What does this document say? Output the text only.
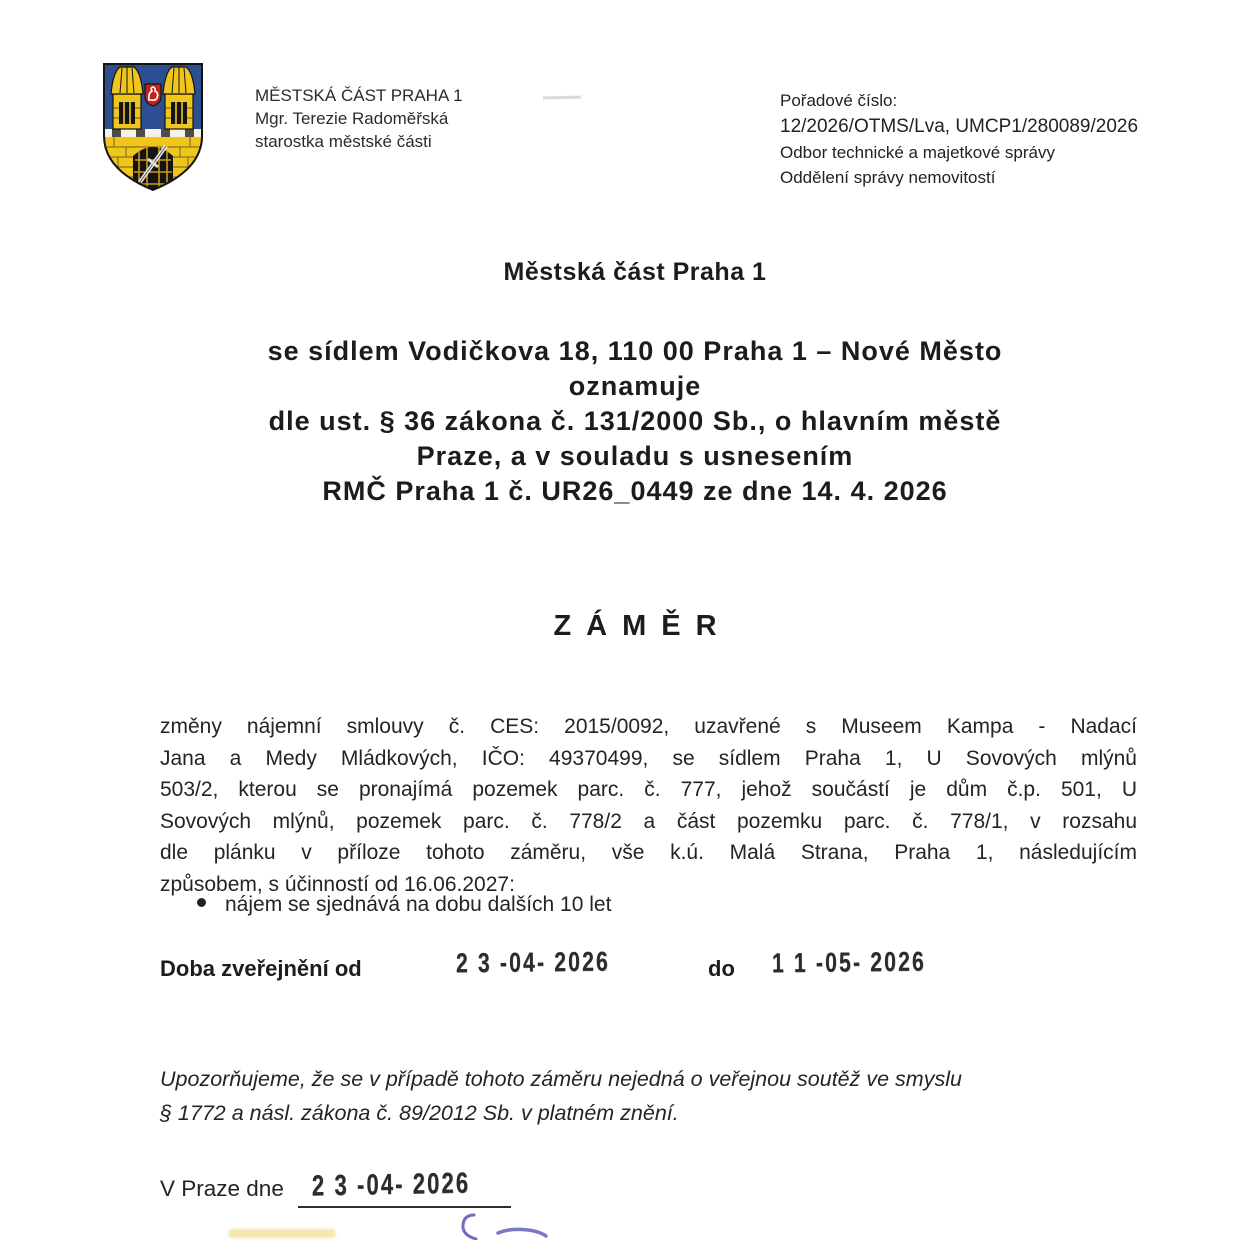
MĚSTSKÁ ČÁST PRAHA 1
Mgr. Terezie Radoměřská
starostka městské části
Pořadové číslo:
12/2026/OTMS/Lva, UMCP1/280089/2026
Odbor technické a majetkové správy
Oddělení správy nemovitostí
Městská část Praha 1
se sídlem Vodičkova 18, 110 00 Praha 1 – Nové Město
oznamuje
dle ust. § 36 zákona č. 131/2000 Sb., o hlavním městě
Praze, a v souladu s usnesením
RMČ Praha 1 č. UR26_0449 ze dne 14. 4. 2026
ZÁMĚR
změny nájemní smlouvy č. CES: 2015/0092, uzavřené s Museem Kampa - Nadací
Jana a Medy Mládkových, IČO: 49370499, se sídlem Praha 1, U Sovových mlýnů
503/2, kterou se pronajímá pozemek parc. č. 777, jehož součástí je dům č.p. 501, U
Sovových mlýnů, pozemek parc. č. 778/2 a část pozemku parc. č. 778/1, v rozsahu
dle plánku v příloze tohoto záměru, vše k.ú. Malá Strana, Praha 1, následujícím
způsobem, s účinností od 16.06.2027:
nájem se sjednává na dobu dalších 10 let
Doba zveřejnění od	2 3 -04- 2026	do 1 1 -05- 2026
Upozorňujeme, že se v případě tohoto záměru nejedná o veřejnou soutěž ve smyslu
§ 1772 a násl. zákona č. 89/2012 Sb. v platném znění.
V Praze dne 2 3 -04- 2026
